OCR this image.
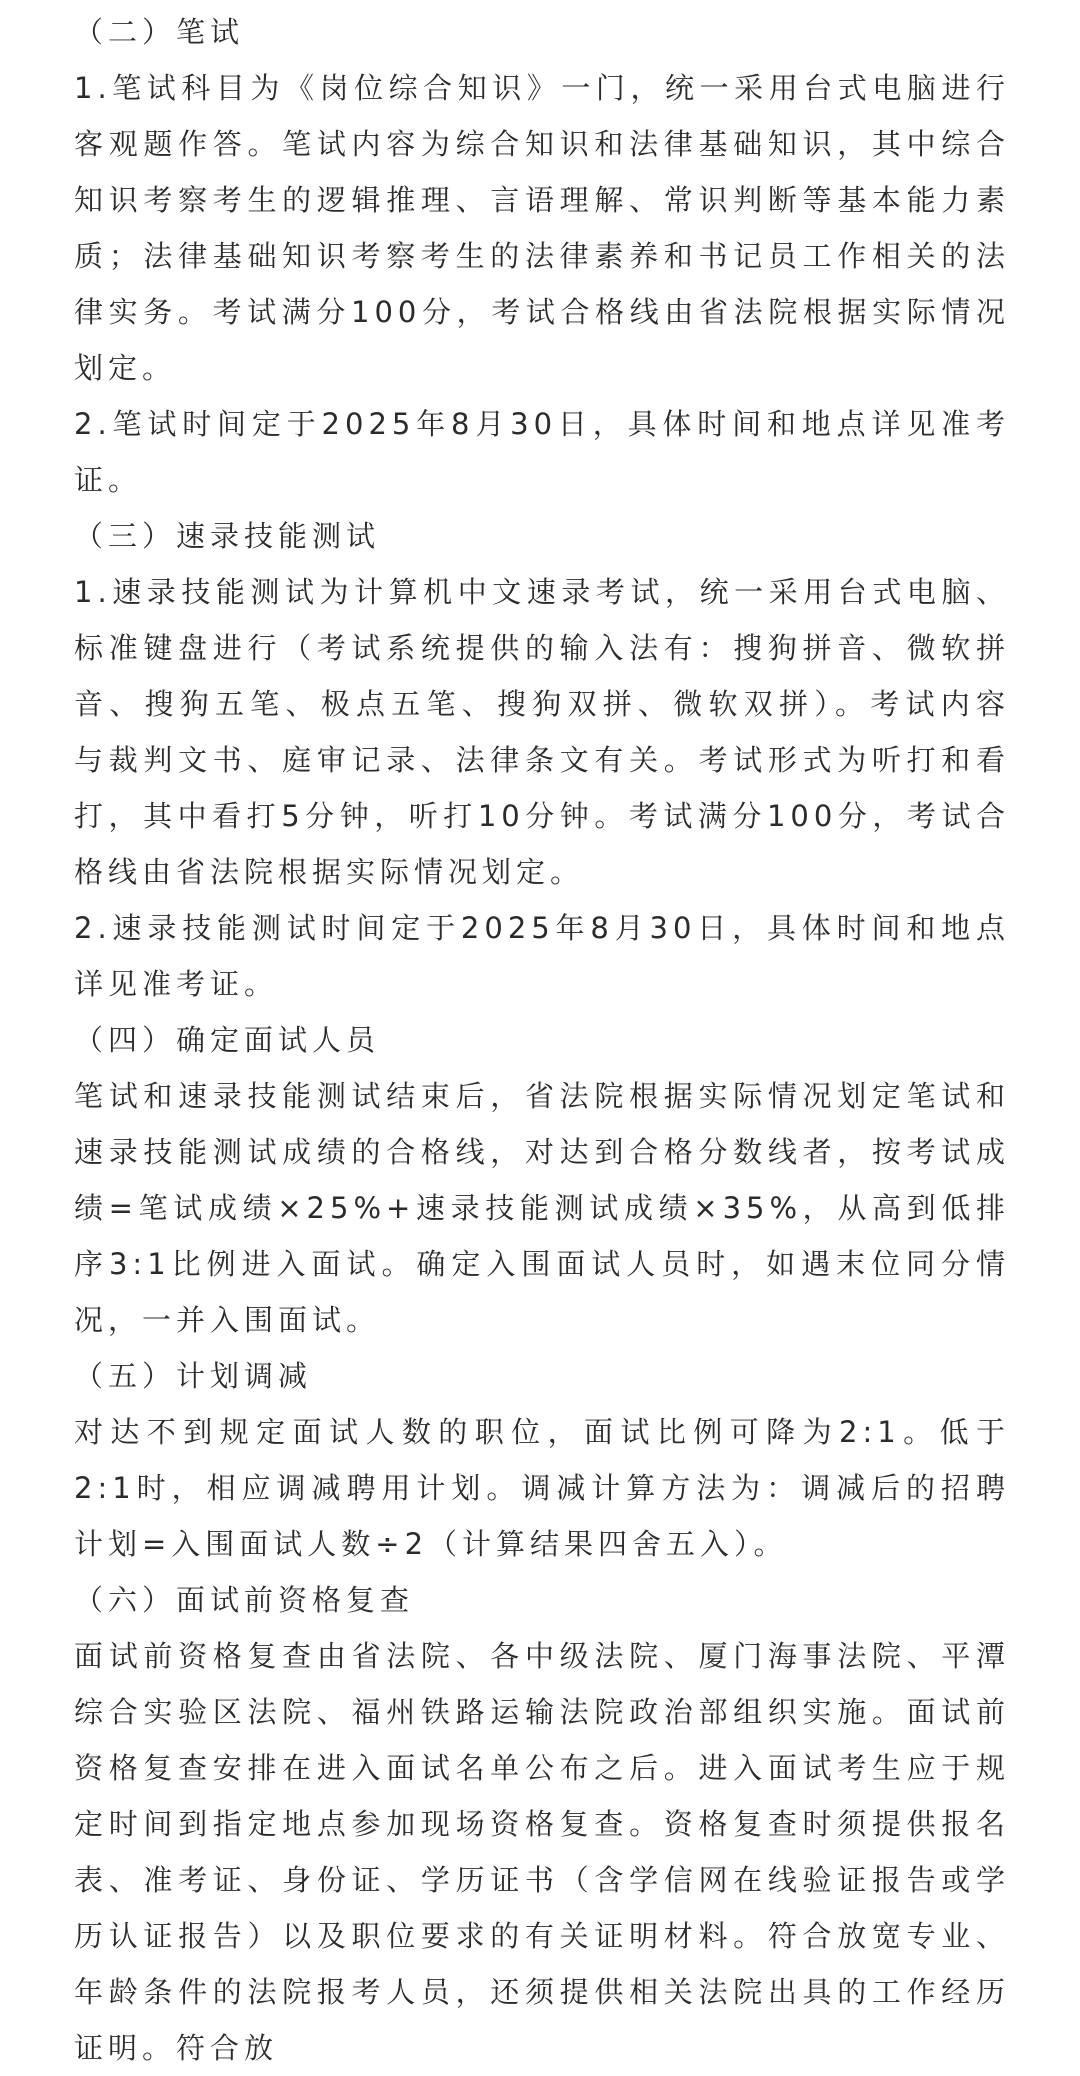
（二）笔试

1.笔试科目为《岗位综合知识》一门，统一采用台式电脑进行客观题作答。笔试内容为综合知识和法律基础知识，其中综合知识考察考生的逻辑推理、言语理解、常识判断等基本能力素质；法律基础知识考察考生的法律素养和书记员工作相关的法律实务。考试满分100分，考试合格线由省法院根据实际情况划定。

2.笔试时间定于2025年8月30日，具体时间和地点详见准考证。

（三）速录技能测试

1.速录技能测试为计算机中文速录考试，统一采用台式电脑、标准键盘进行（考试系统提供的输入法有：搜狗拼音、微软拼音、搜狗五笔、极点五笔、搜狗双拼、微软双拼）。考试内容与裁判文书、庭审记录、法律条文有关。考试形式为听打和看打，其中看打5分钟，听打10分钟。考试满分100分，考试合格线由省法院根据实际情况划定。

2.速录技能测试时间定于2025年8月30日，具体时间和地点详见准考证。

（四）确定面试人员

笔试和速录技能测试结束后，省法院根据实际情况划定笔试和速录技能测试成绩的合格线，对达到合格分数线者，按考试成绩=笔试成绩×25%+速录技能测试成绩×35%，从高到低排序3:1比例进入面试。确定入围面试人员时，如遇末位同分情况，一并入围面试。

（五）计划调减

对达不到规定面试人数的职位，面试比例可降为2:1。低于2:1时，相应调减聘用计划。调减计算方法为：调减后的招聘计划=入围面试人数÷2（计算结果四舍五入）。

（六）面试前资格复查

面试前资格复查由省法院、各中级法院、厦门海事法院、平潭综合实验区法院、福州铁路运输法院政治部组织实施。面试前资格复查安排在进入面试名单公布之后。进入面试考生应于规定时间到指定地点参加现场资格复查。资格复查时须提供报名表、准考证、身份证、学历证书（含学信网在线验证报告或学历认证报告）以及职位要求的有关证明材料。符合放宽专业、年龄条件的法院报考人员，还须提供相关法院出具的工作经历证明。符合放
